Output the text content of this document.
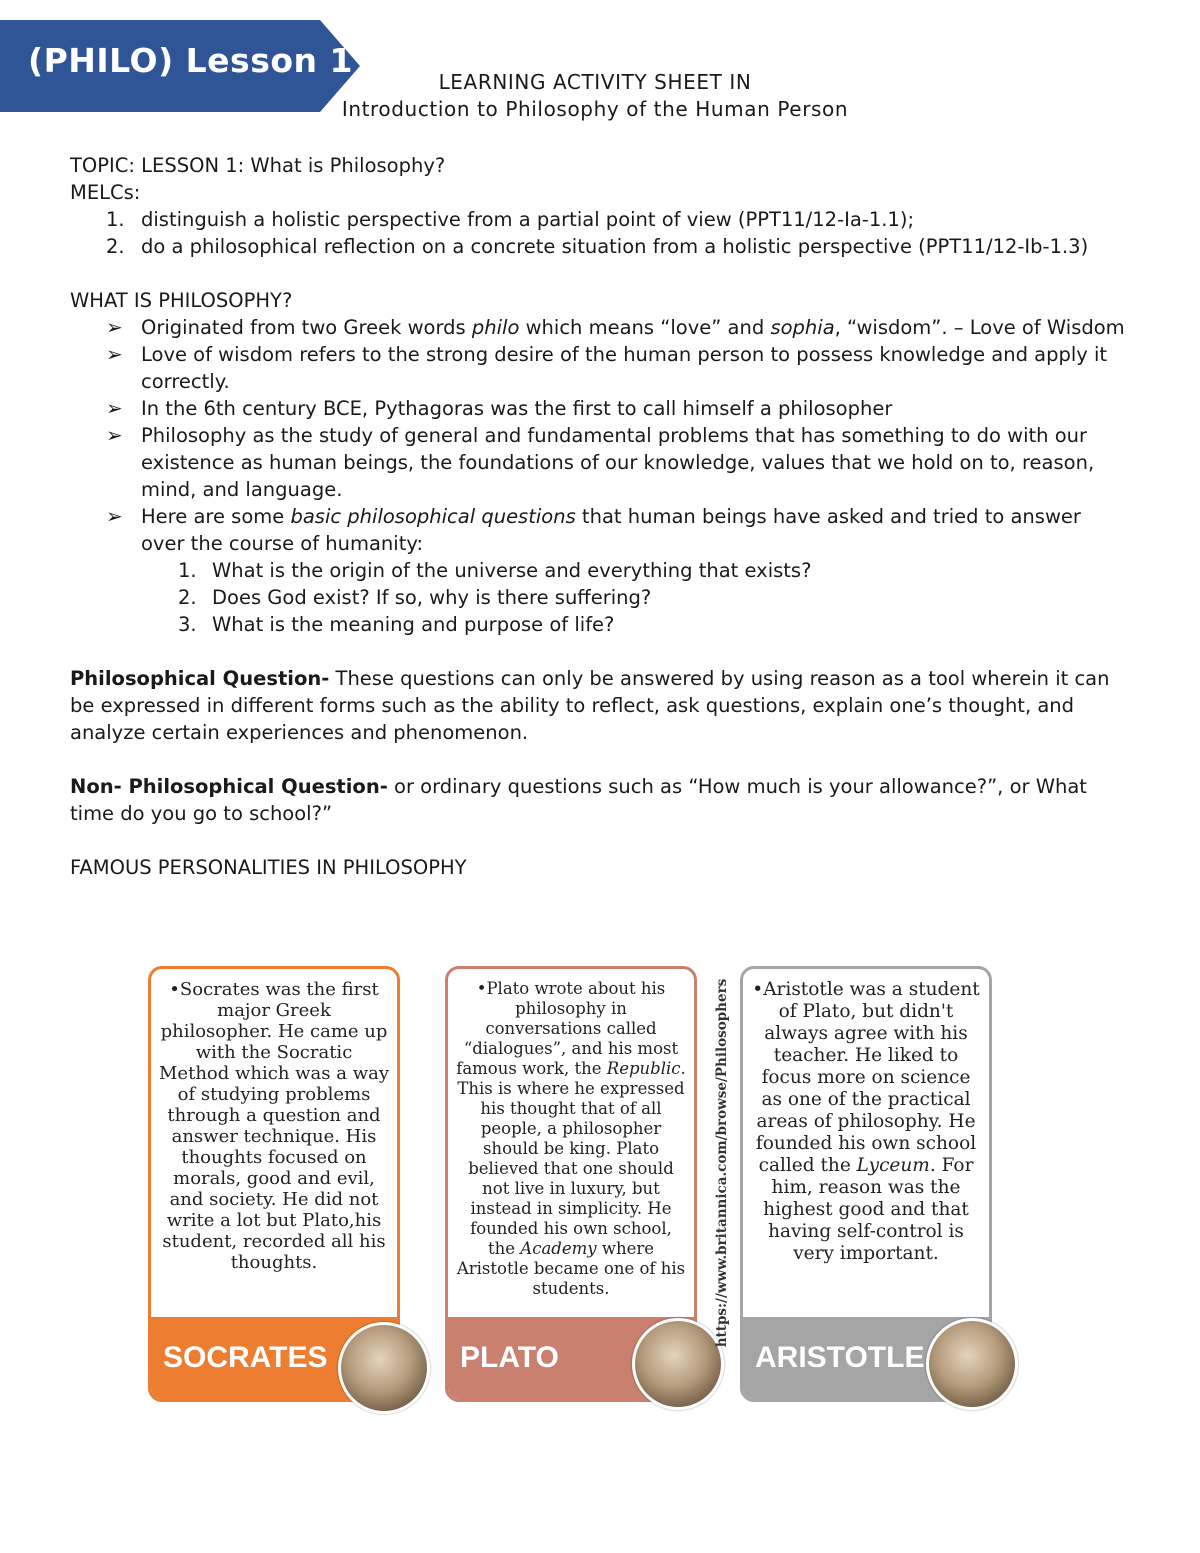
(PHILO) Lesson 1
LEARNING ACTIVITY SHEET IN
Introduction to Philosophy of the Human Person

TOPIC: LESSON 1: What is Philosophy?

MELCs:

1. distinguish a holistic perspective from a partial point of view (PPT11/12-Ia-1.1);
2. do a philosophical reflection on a concrete situation from a holistic perspective (PPT11/12-Ib-1.3)

WHAT IS PHILOSOPHY?

➢ Originated from two Greek words philo which means “love” and sophia, “wisdom”. – Love of Wisdom
➢ Love of wisdom refers to the strong desire of the human person to possess knowledge and apply it correctly.
➢ In the 6th century BCE, Pythagoras was the first to call himself a philosopher
➢ Philosophy as the study of general and fundamental problems that has something to do with our existence as human beings, the foundations of our knowledge, values that we hold on to, reason, mind, and language.
➢ Here are some basic philosophical questions that human beings have asked and tried to answer over the course of humanity:
1. What is the origin of the universe and everything that exists?
2. Does God exist? If so, why is there suffering?
3. What is the meaning and purpose of life?

Philosophical Question- These questions can only be answered by using reason as a tool wherein it can be expressed in different forms such as the ability to reflect, ask questions, explain one’s thought, and analyze certain experiences and phenomenon.

Non- Philosophical Question- or ordinary questions such as “How much is your allowance?”, or What time do you go to school?”

FAMOUS PERSONALITIES IN PHILOSOPHY

•Socrates was the first major Greek philosopher. He came up with the Socratic Method which was a way of studying problems through a question and answer technique. His thoughts focused on morals, good and evil, and society. He did not write a lot but Plato,his student, recorded all his thoughts.
SOCRATES
•Plato wrote about his philosophy in conversations called “dialogues”, and his most famous work, the Republic. This is where he expressed his thought that of all people, a philosopher should be king. Plato believed that one should not live in luxury, but instead in simplicity. He founded his own school, the Academy where Aristotle became one of his students.
PLATO
•Aristotle was a student of Plato, but didn't always agree with his teacher. He liked to focus more on science as one of the practical areas of philosophy. He founded his own school called the Lyceum. For him, reason was the highest good and that having self-control is very important.
ARISTOTLE
https://www.britannica.com/browse/Philosophers
